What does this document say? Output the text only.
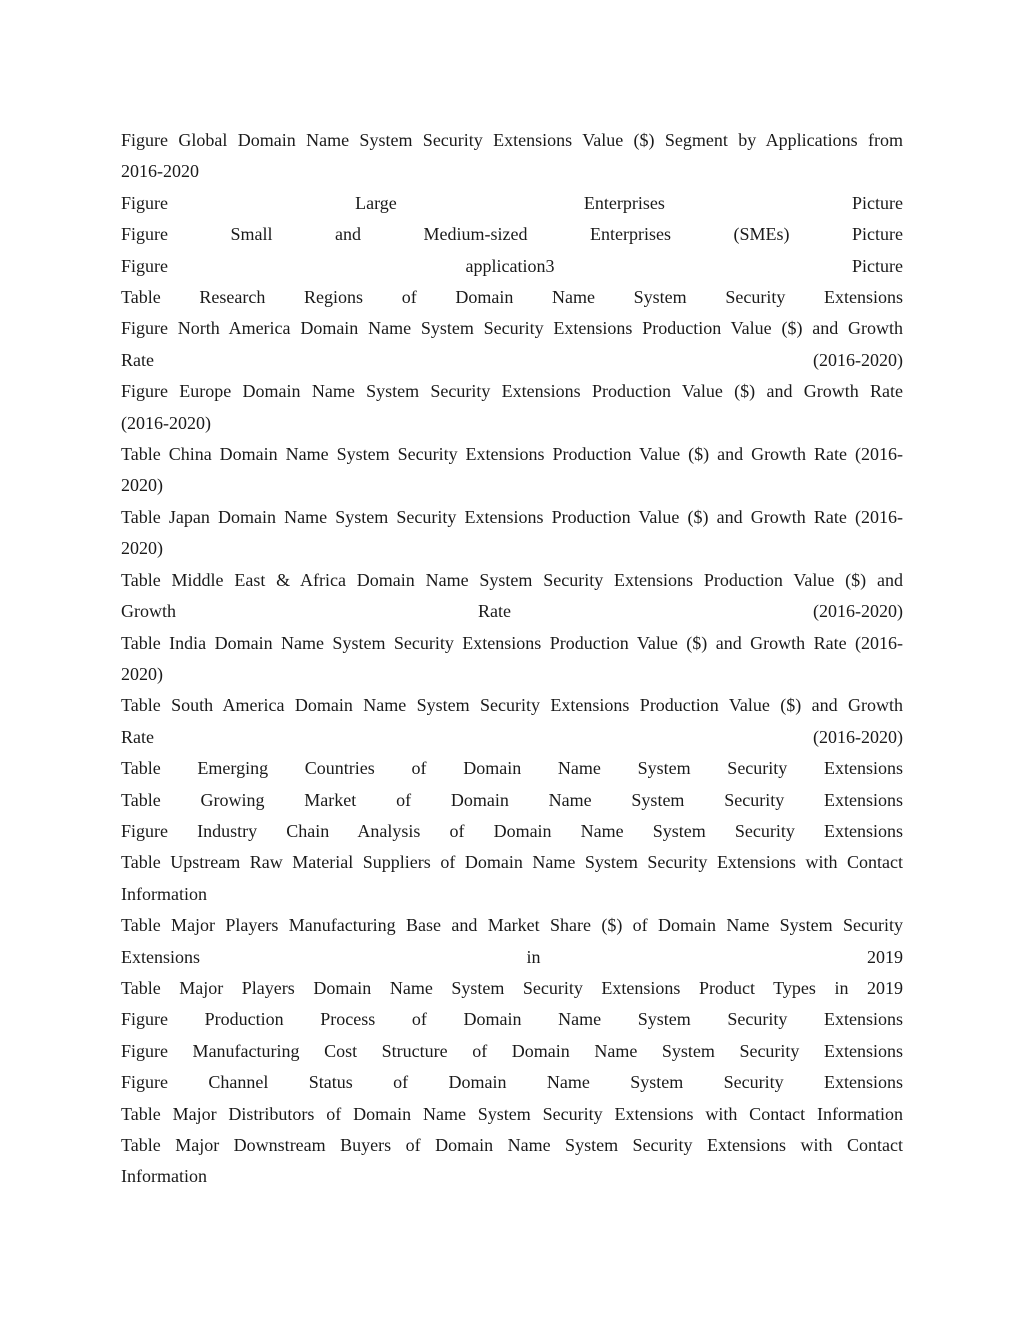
Figure Global Domain Name System Security Extensions Value ($) Segment by Applications from

2016-2020

Figure Large Enterprises Picture

Figure Small and Medium-sized Enterprises (SMEs) Picture

Figure application3 Picture

Table Research Regions of Domain Name System Security Extensions

Figure North America Domain Name System Security Extensions Production Value ($) and Growth

Rate (2016-2020)

Figure Europe Domain Name System Security Extensions Production Value ($) and Growth Rate

(2016-2020)

Table China Domain Name System Security Extensions Production Value ($) and Growth Rate (2016-

2020)

Table Japan Domain Name System Security Extensions Production Value ($) and Growth Rate (2016-

2020)

Table Middle East & Africa Domain Name System Security Extensions Production Value ($) and

Growth Rate (2016-2020)

Table India Domain Name System Security Extensions Production Value ($) and Growth Rate (2016-

2020)

Table South America Domain Name System Security Extensions Production Value ($) and Growth

Rate (2016-2020)

Table Emerging Countries of Domain Name System Security Extensions

Table Growing Market of Domain Name System Security Extensions

Figure Industry Chain Analysis of Domain Name System Security Extensions

Table Upstream Raw Material Suppliers of Domain Name System Security Extensions with Contact

Information

Table Major Players Manufacturing Base and Market Share ($) of Domain Name System Security

Extensions in 2019

Table Major Players Domain Name System Security Extensions Product Types in 2019

Figure Production Process of Domain Name System Security Extensions

Figure Manufacturing Cost Structure of Domain Name System Security Extensions

Figure Channel Status of Domain Name System Security Extensions

Table Major Distributors of Domain Name System Security Extensions with Contact Information

Table Major Downstream Buyers of Domain Name System Security Extensions with Contact

Information
